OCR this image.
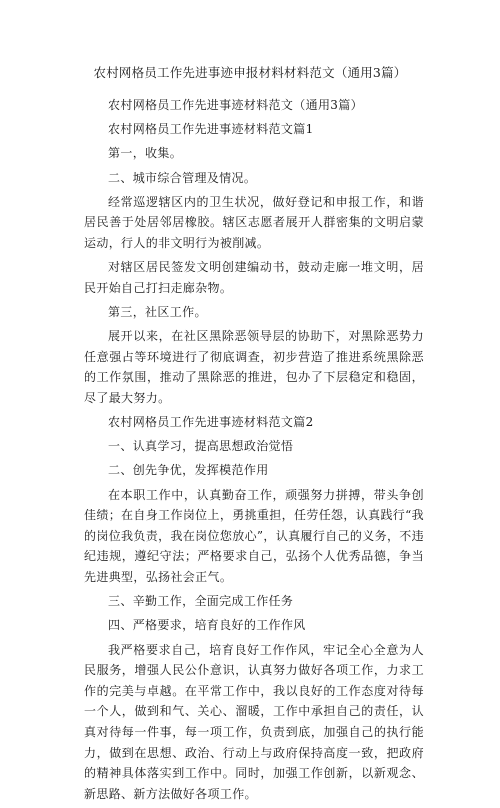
农村网格员工作先进事迹申报材料材料范文（通用3篇）

农村网格员工作先进事迹材料范文（通用3篇）

农村网格员工作先进事迹材料范文篇1

第一，收集。

二、城市综合管理及情况。

经常巡逻辖区内的卫生状况，做好登记和申报工作，和谐居民善于处居邻居橡胶。辖区志愿者展开人群密集的文明启蒙运动，行人的非文明行为被削减。

对辖区居民签发文明创建编动书，鼓动走廊一堆文明，居民开始自己打扫走廊杂物。

第三，社区工作。

展开以来，在社区黑除恶领导层的协助下，对黑除恶势力任意强占等环境进行了彻底调查，初步营造了推进系统黑除恶的工作氛围，推动了黑除恶的推进，包办了下层稳定和稳固，尽了最大努力。

农村网格员工作先进事迹材料范文篇2

一、认真学习，提高思想政治觉悟

二、创先争优，发挥模范作用

在本职工作中，认真勤奋工作，顽强努力拼搏，带头争创佳绩；在自身工作岗位上，勇挑重担，任劳任怨，认真践行“我的岗位我负责，我在岗位您放心”，认真履行自己的义务，不违纪违规，遵纪守法；严格要求自己，弘扬个人优秀品德，争当先进典型，弘扬社会正气。

三、辛勤工作，全面完成工作任务

四、严格要求，培育良好的工作作风

我严格要求自己，培育良好工作作风，牢记全心全意为人民服务，增强人民公仆意识，认真努力做好各项工作，力求工作的完美与卓越。在平常工作中，我以良好的工作态度对待每一个人，做到和气、关心、溜暖，工作中承担自己的责任，认真对待每一件事，每一项工作，负责到底，加强自己的执行能力，做到在思想、政治、行动上与政府保持高度一致，把政府的精神具体落实到工作中。同时，加强工作创新，以新观念、新思路、新方法做好各项工作。
